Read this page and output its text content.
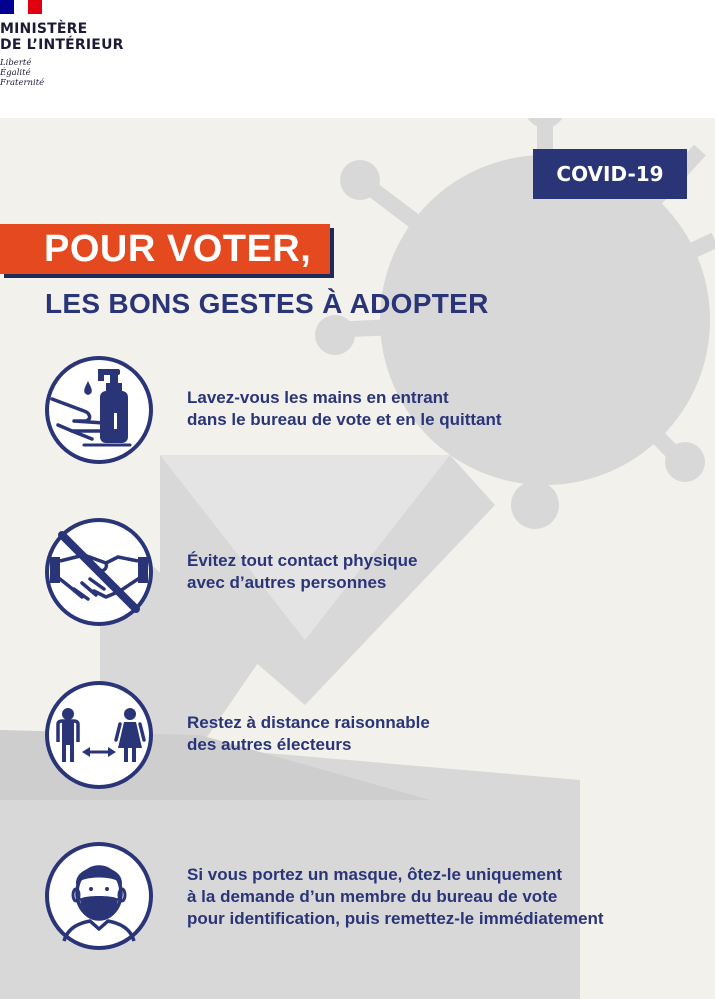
MINISTÈRE
DE L’INTÉRIEUR
Liberté
Égalité
Fraternité
COVID-19
POUR VOTER,
LES BONS GESTES À ADOPTER
Lavez-vous les mains en entrant
dans le bureau de vote et en le quittant
Évitez tout contact physique
avec d’autres personnes
Restez à distance raisonnable
des autres électeurs
Si vous portez un masque, ôtez-le uniquement
à la demande d’un membre du bureau de vote
pour identification, puis remettez-le immédiatement
